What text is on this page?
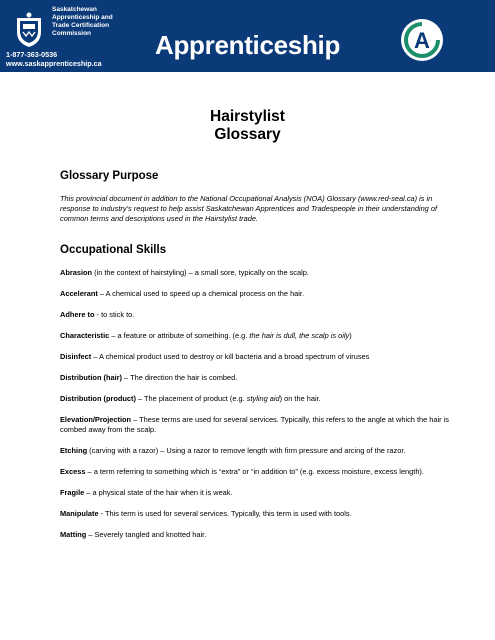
Saskatchewan
Apprenticeship and
Trade Certification
Commission
1-877-363-0536
www.saskapprenticeship.ca
Apprenticeship	A
Hairstylist
Glossary
Glossary Purpose

This provincial document in addition to the National Occupational Analysis (NOA) Glossary (www.red-seal.ca) is in response to industry’s request to help assist Saskatchewan Apprentices and Tradespeople in their understanding of common terms and descriptions used in the Hairstylist trade.

Occupational Skills

Abrasion (in the context of hairstyling) – a small sore, typically on the scalp.

Accelerant – A chemical used to speed up a chemical process on the hair.

Adhere to - to stick to.

Characteristic – a feature or attribute of something. (e.g. the hair is dull, the scalp is oily)

Disinfect – A chemical product used to destroy or kill bacteria and a broad spectrum of viruses

Distribution (hair) – The direction the hair is combed.

Distribution (product) – The placement of product (e.g. styling aid) on the hair.

Elevation/Projection – These terms are used for several services. Typically, this refers to the angle at which the hair is combed away from the scalp.

Etching (carving with a razor) – Using a razor to remove length with firm pressure and arcing of the razor.

Excess – a term referring to something which is “extra” or “in addition to” (e.g. excess moisture, excess length).

Fragile – a physical state of the hair when it is weak.

Manipulate - This term is used for several services. Typically, this term is used with tools.

Matting – Severely tangled and knotted hair.
